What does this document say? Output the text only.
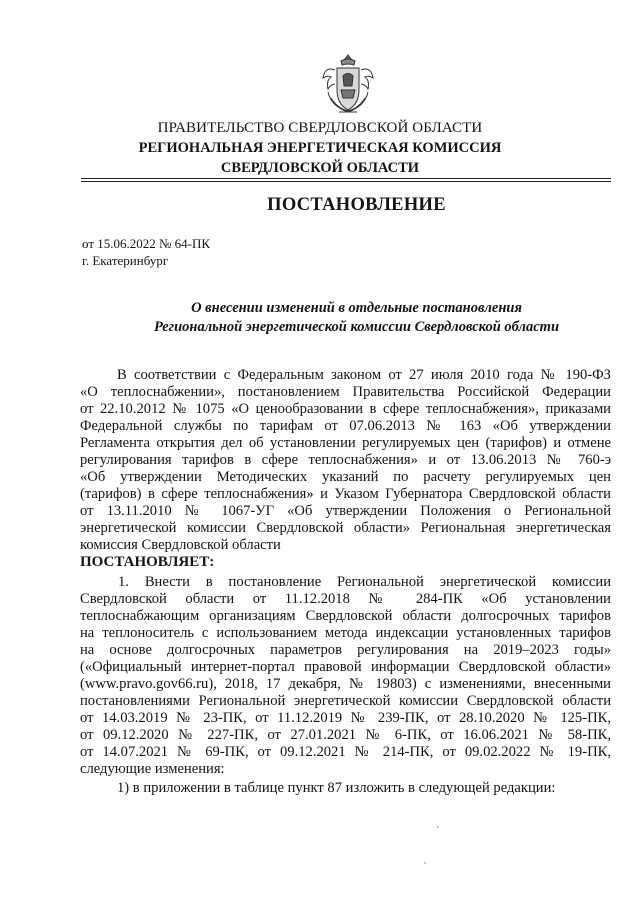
ПРАВИТЕЛЬСТВО СВЕРДЛОВСКОЙ ОБЛАСТИ
РЕГИОНАЛЬНАЯ ЭНЕРГЕТИЧЕСКАЯ КОМИССИЯ
СВЕРДЛОВСКОЙ ОБЛАСТИ
ПОСТАНОВЛЕНИЕ
от 15.06.2022 № 64-ПК
г. Екатеринбург
О внесении изменений в отдельные постановления
Региональной энергетической комиссии Свердловской области
В соответствии с Федеральным законом от 27 июля 2010 года № 190-ФЗ
«О теплоснабжении», постановлением Правительства Российской Федерации
от 22.10.2012 № 1075 «О ценообразовании в сфере теплоснабжения», приказами
Федеральной службы по тарифам от 07.06.2013 № 163 «Об утверждении
Регламента открытия дел об установлении регулируемых цен (тарифов) и отмене
регулирования тарифов в сфере теплоснабжения» и от 13.06.2013 № 760-э
«Об утверждении Методических указаний по расчету регулируемых цен
(тарифов) в сфере теплоснабжения» и Указом Губернатора Свердловской области
от 13.11.2010 № 1067-УГ «Об утверждении Положения о Региональной
энергетической комиссии Свердловской области» Региональная энергетическая
комиссия Свердловской области
ПОСТАНОВЛЯЕТ:
1. Внести в постановление Региональной энергетической комиссии
Свердловской области от 11.12.2018 № 284-ПК «Об установлении
теплоснабжающим организациям Свердловской области долгосрочных тарифов
на теплоноситель с использованием метода индексации установленных тарифов
на основе долгосрочных параметров регулирования на 2019–2023 годы»
(«Официальный интернет-портал правовой информации Свердловской области»
(www.pravo.gov66.ru), 2018, 17 декабря, № 19803) с изменениями, внесенными
постановлениями Региональной энергетической комиссии Свердловской области
от 14.03.2019 № 23-ПК, от 11.12.2019 № 239-ПК, от 28.10.2020 № 125-ПК,
от 09.12.2020 № 227-ПК, от 27.01.2021 № 6-ПК, от 16.06.2021 № 58-ПК,
от 14.07.2021 № 69-ПК, от 09.12.2021 № 214-ПК, от 09.02.2022 № 19-ПК,
следующие изменения:
1) в приложении в таблице пункт 87 изложить в следующей редакции:
